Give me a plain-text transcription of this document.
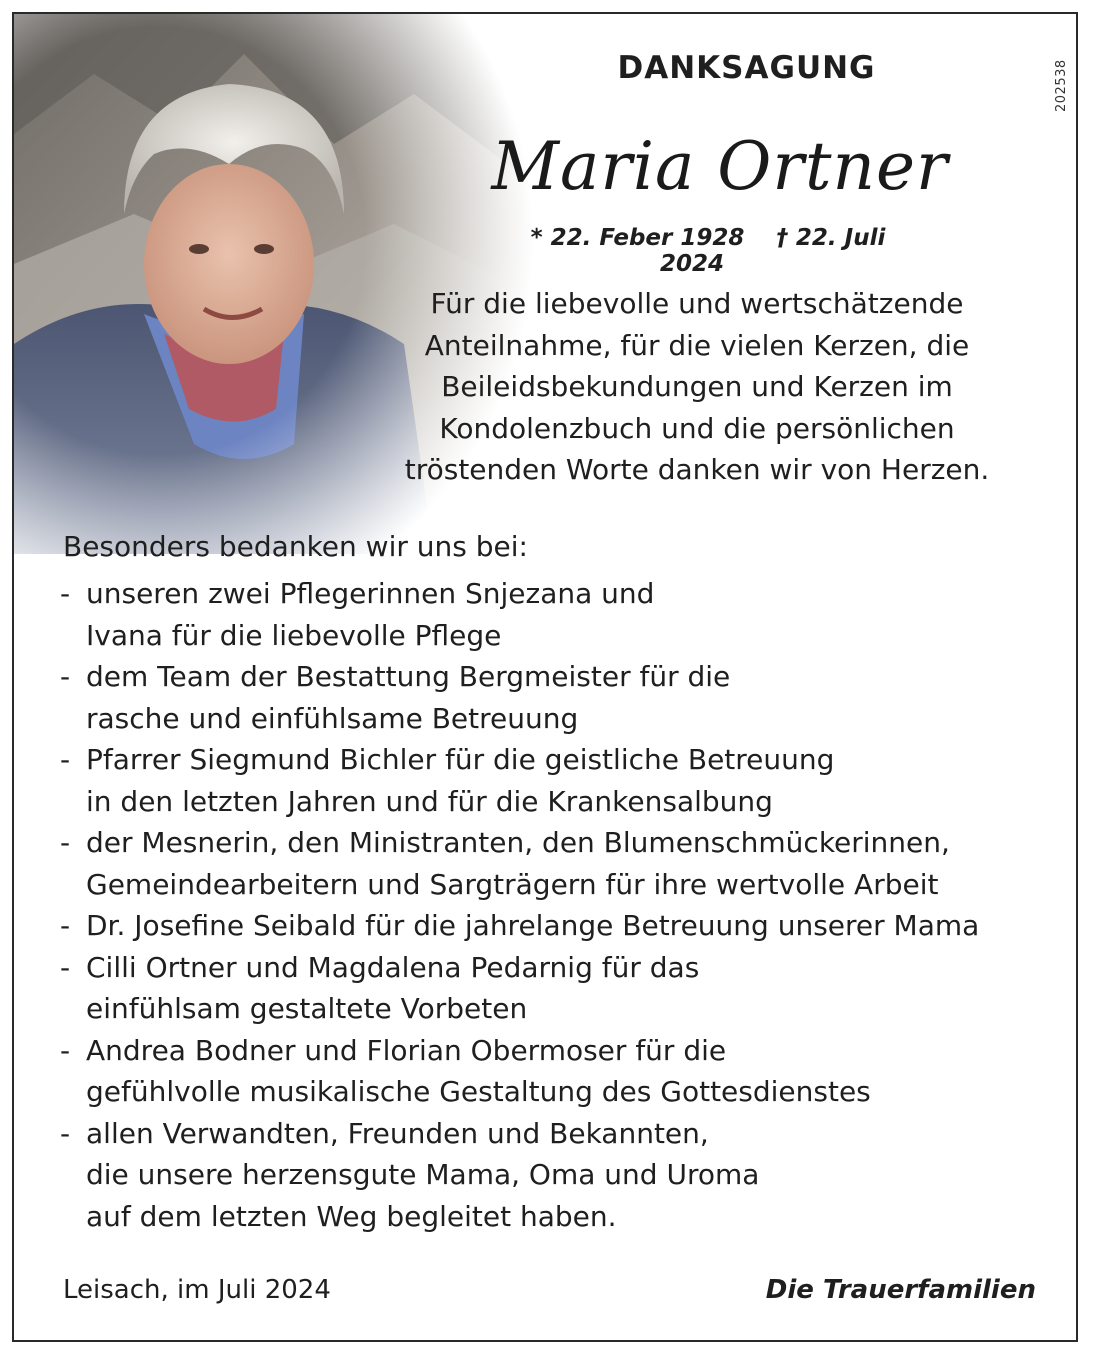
202538
DANKSAGUNG
Maria Ortner
* 22. Feber 1928 † 22. Juli 2024
Für die liebevolle und wertschätzende
Anteilnahme, für die vielen Kerzen, die
Beileidsbekundungen und Kerzen im
Kondolenzbuch und die persönlichen
tröstenden Worte danken wir von Herzen.
Besonders bedanken wir uns bei:
- unseren zwei Pflegerinnen Snjezana und
Ivana für die liebevolle Pflege
- dem Team der Bestattung Bergmeister für die
rasche und einfühlsame Betreuung
- Pfarrer Siegmund Bichler für die geistliche Betreuung
in den letzten Jahren und für die Krankensalbung
- der Mesnerin, den Ministranten, den Blumenschmückerinnen,
Gemeindearbeitern und Sargträgern für ihre wertvolle Arbeit
- Dr. Josefine Seibald für die jahrelange Betreuung unserer Mama
- Cilli Ortner und Magdalena Pedarnig für das
einfühlsam gestaltete Vorbeten
- Andrea Bodner und Florian Obermoser für die
gefühlvolle musikalische Gestaltung des Gottesdienstes
- allen Verwandten, Freunden und Bekannten,
die unsere herzensgute Mama, Oma und Uroma
auf dem letzten Weg begleitet haben.
Leisach, im Juli 2024	Die Trauerfamilien
